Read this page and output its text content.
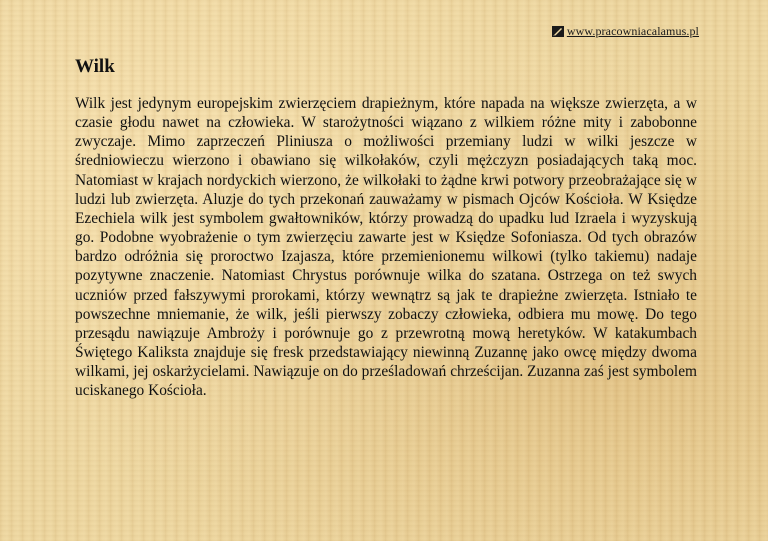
www.pracowniacalamus.pl
Wilk

Wilk jest jedynym europejskim zwierzęciem drapieżnym, które napada na większe zwierzęta, a w czasie głodu nawet na człowieka. W starożytności wiązano z wilkiem różne mity i zabobonne zwyczaje. Mimo zaprzeczeń Pliniusza o możliwości przemiany ludzi w wilki jeszcze w średniowieczu wierzono i obawiano się wilkołaków, czyli mężczyzn posiadających taką moc. Natomiast w krajach nordyckich wierzono, że wilkołaki to żądne krwi potwory przeobrażające się w ludzi lub zwierzęta. Aluzje do tych przekonań zauważamy w pismach Ojców Kościoła. W Księdze Ezechiela wilk jest symbolem gwałtowników, którzy prowadzą do upadku lud Izraela i wyzyskują go. Podobne wyobrażenie o tym zwierzęciu zawarte jest w Księdze Sofoniasza. Od tych obrazów bardzo odróżnia się proroctwo Izajasza, które przemienionemu wilkowi (tylko takiemu) nadaje pozytywne znaczenie. Natomiast Chrystus porównuje wilka do szatana. Ostrzega on też swych uczniów przed fałszywymi prorokami, którzy wewnątrz są jak te drapieżne zwierzęta. Istniało te powszechne mniemanie, że wilk, jeśli pierwszy zobaczy człowieka, odbiera mu mowę. Do tego przesądu nawiązuje Ambroży i porównuje go z przewrotną mową heretyków. W katakumbach Świętego Kaliksta znajduje się fresk przedstawiający niewinną Zuzannę jako owcę między dwoma wilkami, jej oskarżycielami. Nawiązuje on do prześladowań chrześcijan. Zuzanna zaś jest symbolem uciskanego Kościoła.
